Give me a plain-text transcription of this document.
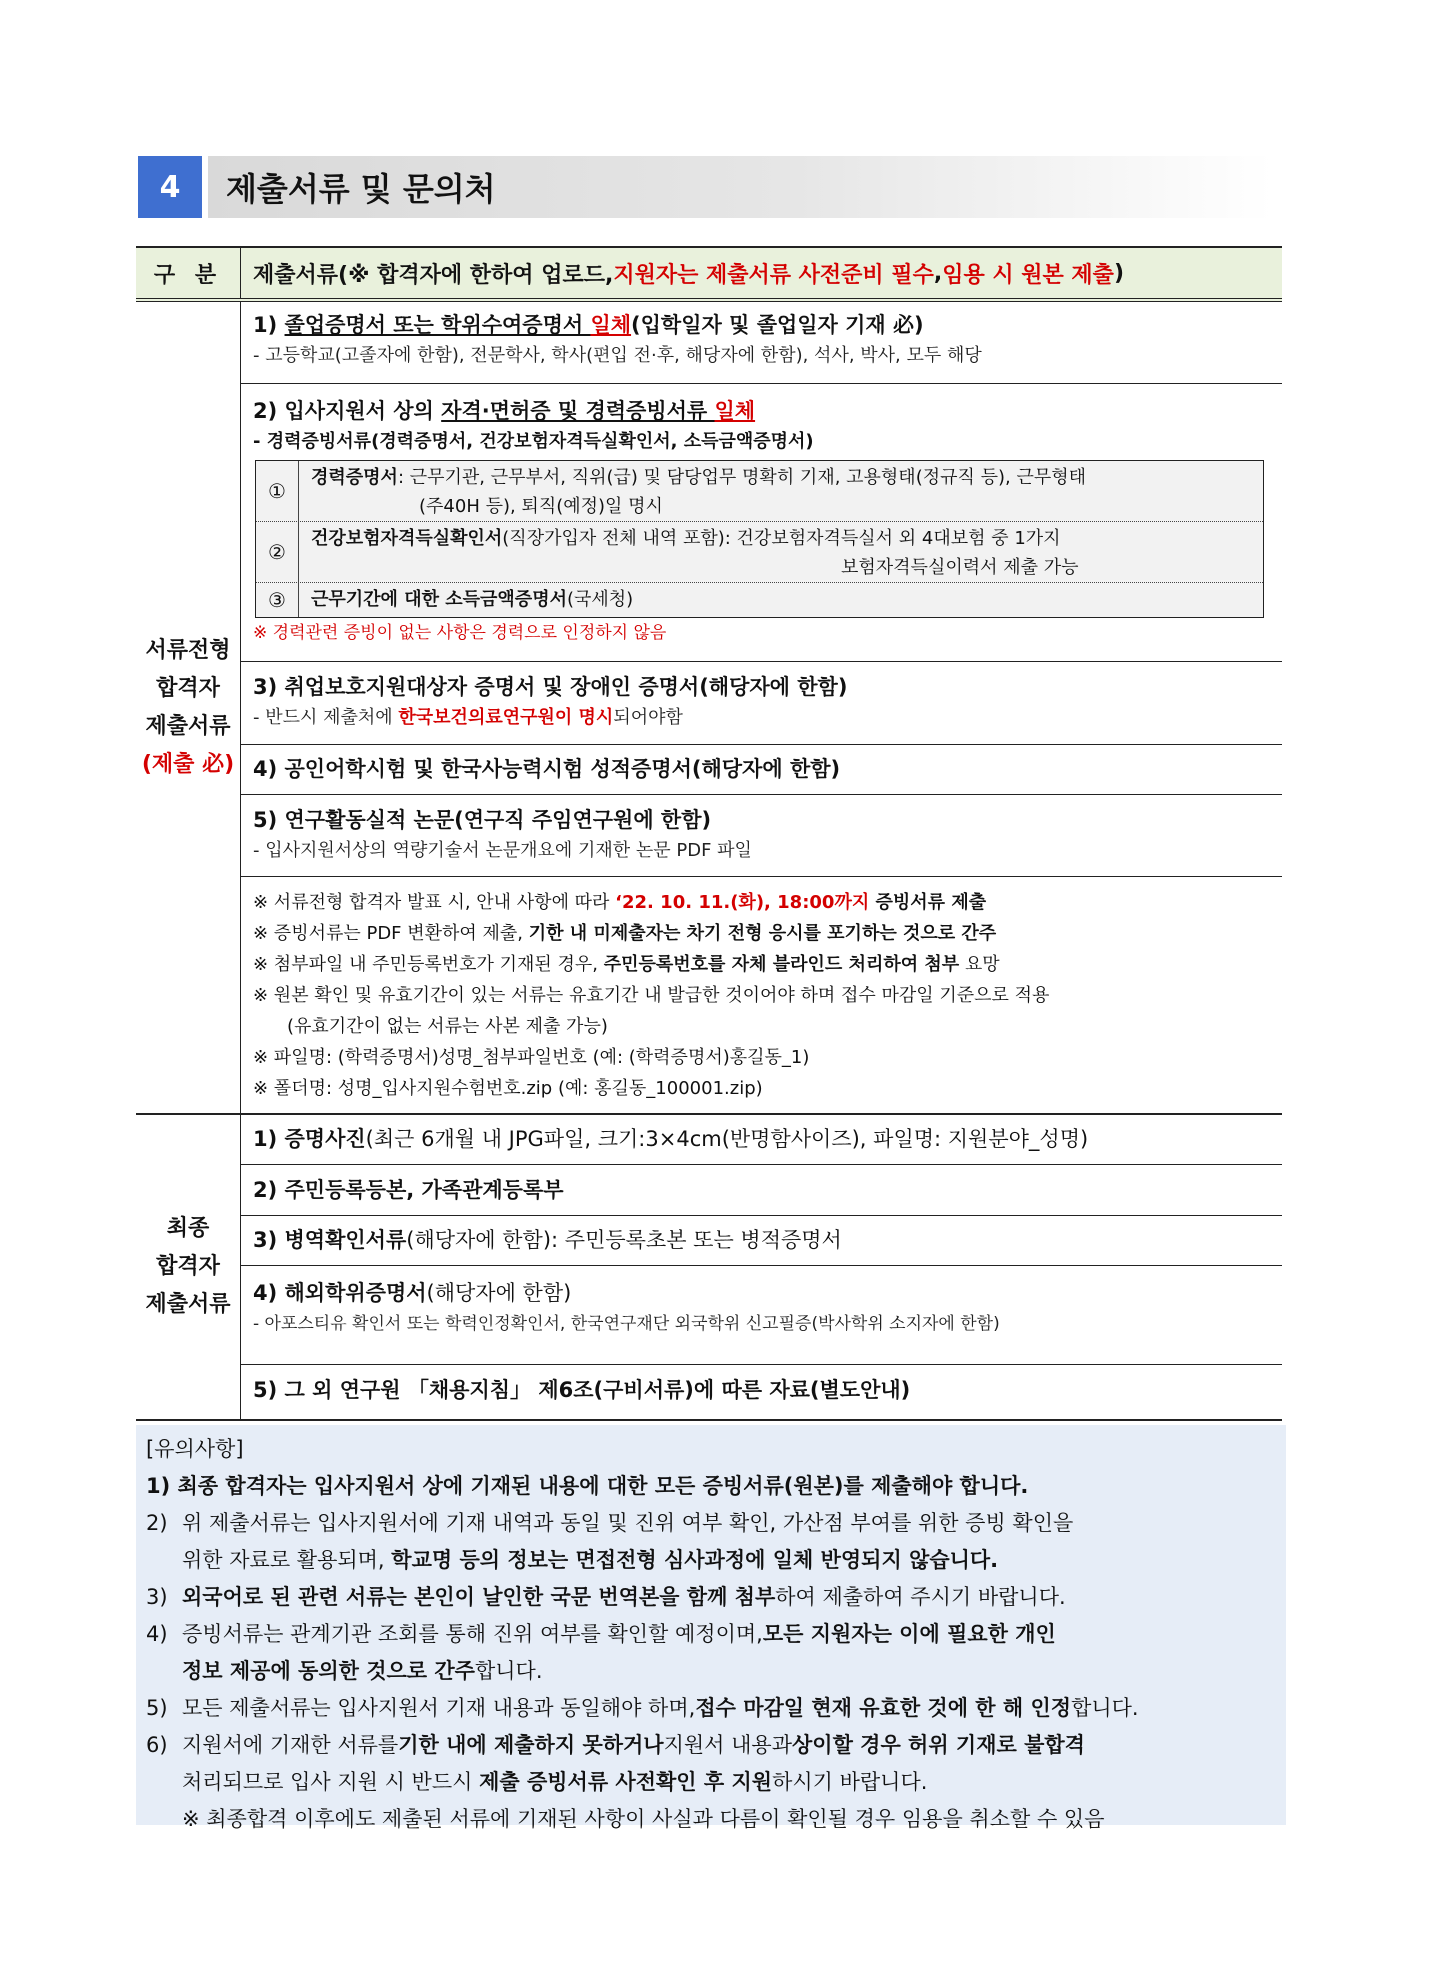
4	제출서류 및 문의처
구 분	제출서류(※ 합격자에 한하여 업로드, 지원자는 제출서류 사전준비 필수 , 임용 시 원본 제출 )
서류전형
합격자
제출서류
(제출 必)
1) 졸업증명서 또는 학위수여증명서 일체(입학일자 및 졸업일자 기재 必)
- 고등학교(고졸자에 한함), 전문학사, 학사(편입 전·후, 해당자에 한함), 석사, 박사, 모두 해당
2) 입사지원서 상의 자격·면허증 및 경력증빙서류 일체
- 경력증빙서류(경력증명서, 건강보험자격득실확인서, 소득금액증명서)
①
경력증명서: 근무기관, 근무부서, 직위(급) 및 담당업무 명확히 기재, 고용형태(정규직 등), 근무형태
(주40H 등), 퇴직(예정)일 명시
②
건강보험자격득실확인서(직장가입자 전체 내역 포함): 건강보험자격득실서 외 4대보험 중 1가지
보험자격득실이력서 제출 가능
③	근무기간에 대한 소득금액증명서(국세청)
※ 경력관련 증빙이 없는 사항은 경력으로 인정하지 않음
3) 취업보호지원대상자 증명서 및 장애인 증명서(해당자에 한함)
- 반드시 제출처에 한국보건의료연구원이 명시되어야함
4) 공인어학시험 및 한국사능력시험 성적증명서(해당자에 한함)
5) 연구활동실적 논문(연구직 주임연구원에 한함)
- 입사지원서상의 역량기술서 논문개요에 기재한 논문 PDF 파일
※ 서류전형 합격자 발표 시, 안내 사항에 따라 ‘22. 10. 11.(화), 18:00까지 증빙서류 제출
※ 증빙서류는 PDF 변환하여 제출, 기한 내 미제출자는 차기 전형 응시를 포기하는 것으로 간주
※ 첨부파일 내 주민등록번호가 기재된 경우, 주민등록번호를 자체 블라인드 처리하여 첨부 요망
※ 원본 확인 및 유효기간이 있는 서류는 유효기간 내 발급한 것이어야 하며 접수 마감일 기준으로 적용
(유효기간이 없는 서류는 사본 제출 가능)
※ 파일명: (학력증명서)성명_첨부파일번호 (예: (학력증명서)홍길동_1)
※ 폴더명: 성명_입사지원수험번호.zip (예: 홍길동_100001.zip)
최종
합격자
제출서류
1) 증명사진(최근 6개월 내 JPG파일, 크기:3×4cm(반명함사이즈), 파일명: 지원분야_성명)
2) 주민등록등본, 가족관계등록부
3) 병역확인서류(해당자에 한함): 주민등록초본 또는 병적증명서
4) 해외학위증명서(해당자에 한함)
- 아포스티유 확인서 또는 학력인정확인서, 한국연구재단 외국학위 신고필증(박사학위 소지자에 한함)
5) 그 외 연구원 「채용지침」 제6조(구비서류)에 따른 자료(별도안내)
[유의사항]
1) 최종 합격자는 입사지원서 상에 기재된 내용에 대한 모든 증빙서류(원본)를 제출해야 합니다.
2) 위 제출서류는 입사지원서에 기재 내역과 동일 및 진위 여부 확인, 가산점 부여를 위한 증빙 확인을
위한 자료로 활용되며, 학교명 등의 정보는 면접전형 심사과정에 일체 반영되지 않습니다.
3) 외국어로 된 관련 서류는 본인이 날인한 국문 번역본을 함께 첨부 하여 제출하여 주시기 바랍니다.
4) 증빙서류는 관계기관 조회를 통해 진위 여부를 확인할 예정이며, 모든 지원자는 이에 필요한 개인
정보 제공에 동의한 것으로 간주합니다.
5) 모든 제출서류는 입사지원서 기재 내용과 동일해야 하며, 접수 마감일 현재 유효한 것에 한 해 인정 합니다.
6) 지원서에 기재한 서류를 기한 내에 제출하지 못하거나 지원서 내용과 상이할 경우 허위 기재로 불합격
처리되므로 입사 지원 시 반드시 제출 증빙서류 사전확인 후 지원하시기 바랍니다.
※ 최종합격 이후에도 제출된 서류에 기재된 사항이 사실과 다름이 확인될 경우 임용을 취소할 수 있음
